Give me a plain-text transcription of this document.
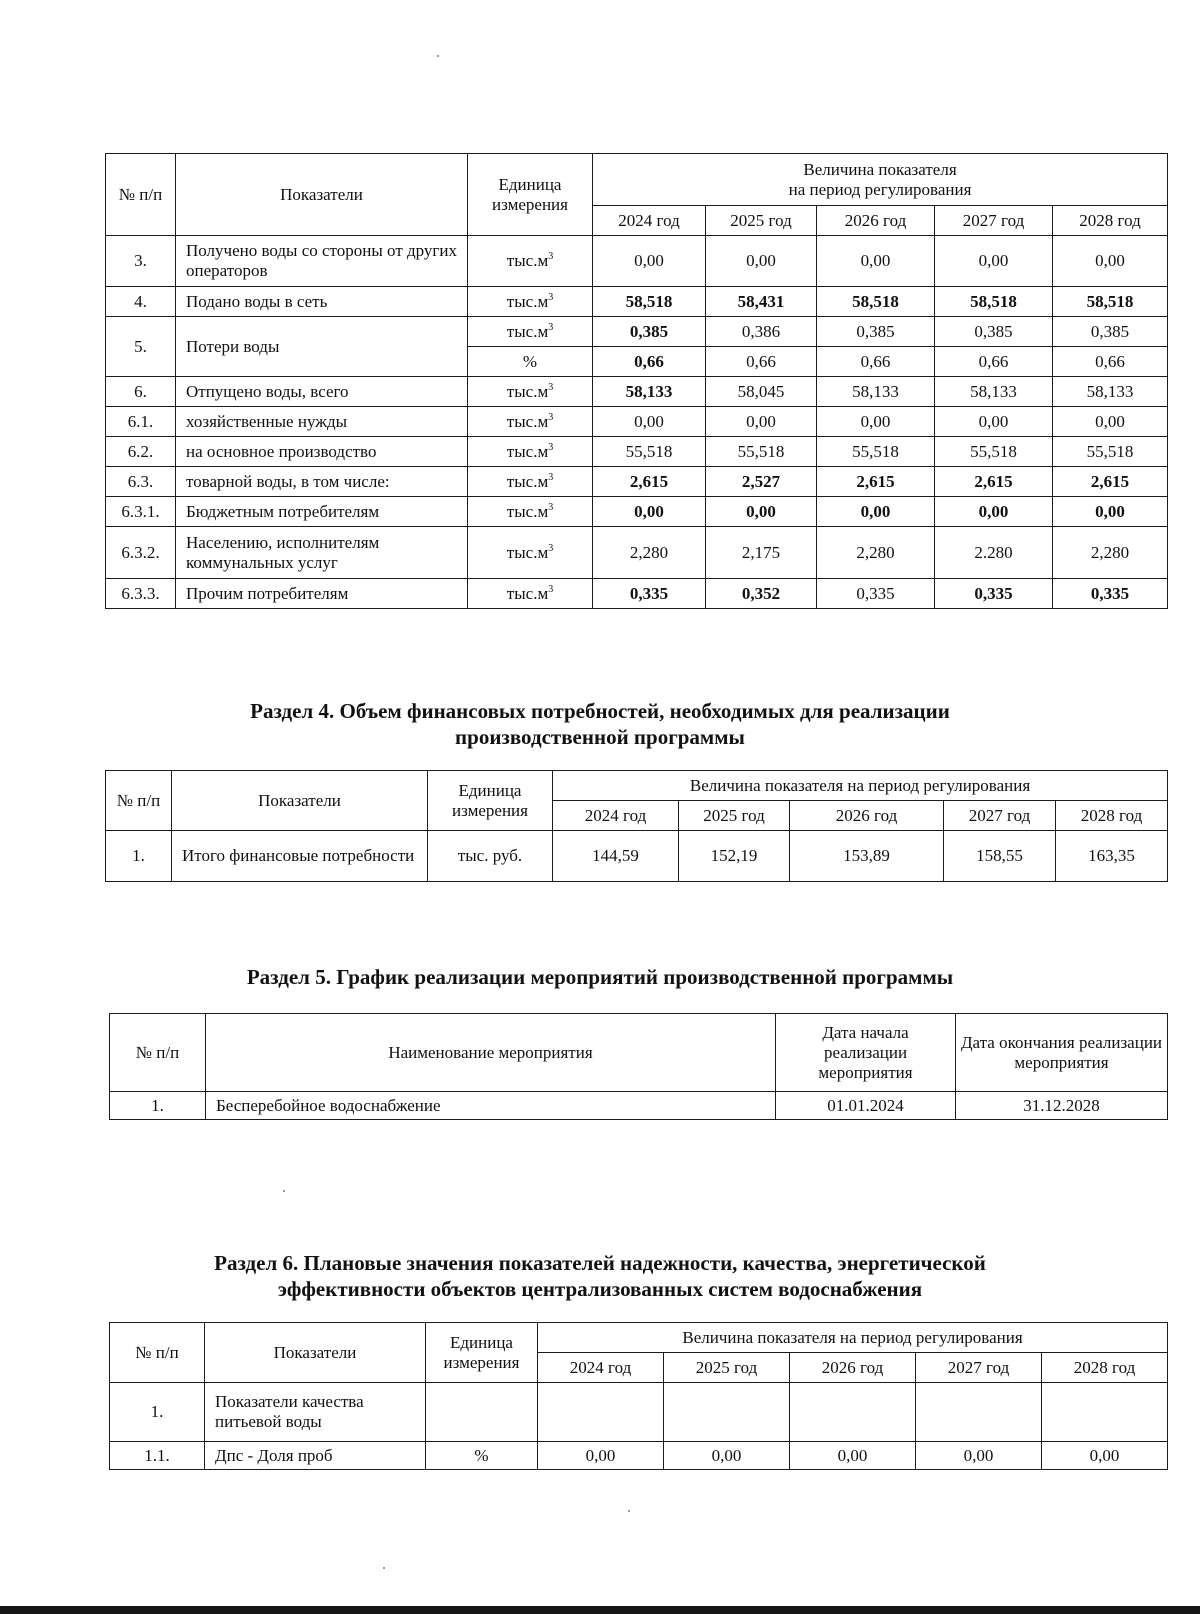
№ п/п	Показатели	Единица измерения	Величина показателя
на период регулирования				

			2024 год	2025 год	2026 год	2027 год	2028 год
3.	Получено воды со стороны от других операторов	$тыс.м^3$	0,00	0,00	0,00	0,00	0,00
4.	Подано воды в сеть	$тыс.м^3$	58,518	58,431	58,518	58,518	58,518
5.	Потери воды	$тыс.м^3$	0,385	0,386	0,385	0,385	0,385
		%	0,66	0,66	0,66	0,66	0,66
6.	Отпущено воды, всего	$тыс.м^3$	58,133	58,045	58,133	58,133	58,133
6.1.	хозяйственные нужды	$тыс.м^3$	0,00	0,00	0,00	0,00	0,00
6.2.	на основное производство	$тыс.м^3$	55,518	55,518	55,518	55,518	55,518
6.3.	товарной воды, в том числе:	$тыс.м^3$	2,615	2,527	2,615	2,615	2,615
6.3.1.	Бюджетным потребителям	$тыс.м^3$	0,00	0,00	0,00	0,00	0,00
6.3.2.	Населению, исполнителям коммунальных услуг	$тыс.м^3$	2,280	2,175	2,280	2.280	2,280
6.3.3.	Прочим потребителям	$тыс.м^3$	0,335	0,352	0,335	0,335	0,335
Раздел 4. Объем финансовых потребностей, необходимых для реализации
производственной программы
№ п/п	Показатели	Единица измерения	Величина показателя на период регулирования				
			2024 год	2025 год	2026 год	2027 год	2028 год
1.	Итого финансовые потребности	тыс. руб.	144,59	152,19	153,89	158,55	163,35
Раздел 5. График реализации мероприятий производственной программы
№ п/п	Наименование мероприятия	Дата начала реализации мероприятия	Дата окончания реализации мероприятия
1.	Бесперебойное водоснабжение	01.01.2024	31.12.2028
Раздел 6. Плановые значения показателей надежности, качества, энергетической
эффективности объектов централизованных систем водоснабжения
№ п/п	Показатели	Единица измерения	Величина показателя на период регулирования				
			2024 год	2025 год	2026 год	2027 год	2028 год
1.	Показатели качества питьевой воды						
1.1.	Дпс - Доля проб	%	0,00	0,00	0,00	0,00	0,00
